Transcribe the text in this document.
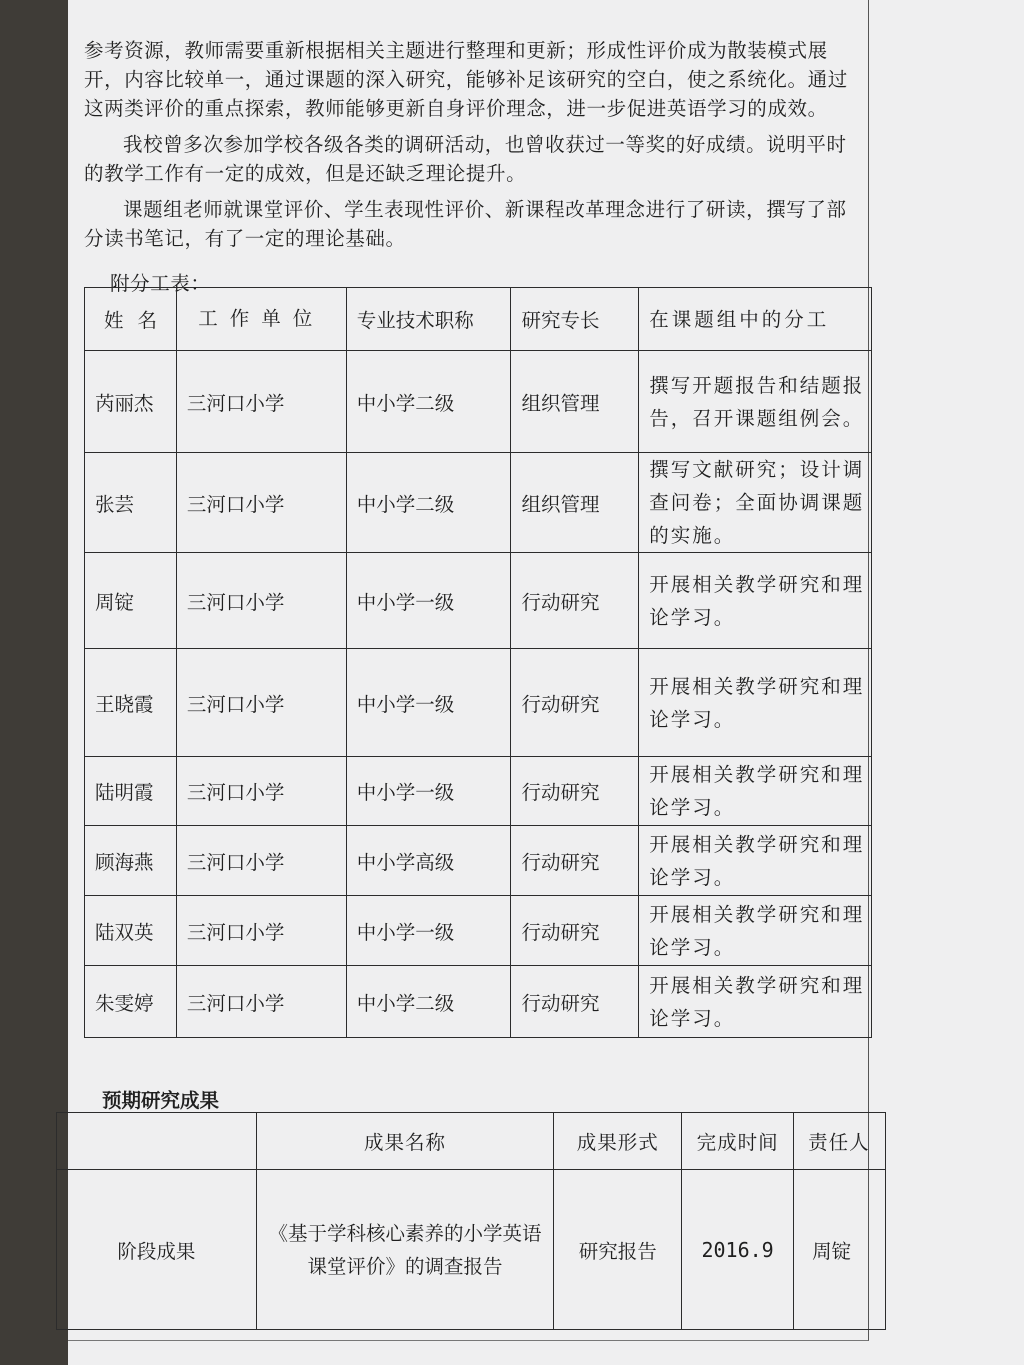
参考资源，教师需要重新根据相关主题进行整理和更新；形成性评价成为散装模式展开，内容比较单一，通过课题的深入研究，能够补足该研究的空白，使之系统化。通过这两类评价的重点探索，教师能够更新自身评价理念，进一步促进英语学习的成效。

我校曾多次参加学校各级各类的调研活动，也曾收获过一等奖的好成绩。说明平时的教学工作有一定的成效，但是还缺乏理论提升。

课题组老师就课堂评价、学生表现性评价、新课程改革理念进行了研读，撰写了部分读书笔记，有了一定的理论基础。

附分工表：
姓名	工作单位	专业技术职称	研究专长	在课题组中的分工
芮丽杰	三河口小学	中小学二级	组织管理	撰写开题报告和结题报告，召开课题组例会。
张芸	三河口小学	中小学二级	组织管理	撰写文献研究；设计调查问卷；全面协调课题的实施。
周锭	三河口小学	中小学一级	行动研究	开展相关教学研究和理论学习。
王晓霞	三河口小学	中小学一级	行动研究	开展相关教学研究和理论学习。
陆明霞	三河口小学	中小学一级	行动研究	开展相关教学研究和理论学习。
顾海燕	三河口小学	中小学高级	行动研究	开展相关教学研究和理论学习。
陆双英	三河口小学	中小学一级	行动研究	开展相关教学研究和理论学习。
朱雯婷	三河口小学	中小学二级	行动研究	开展相关教学研究和理论学习。
预期研究成果
	成果名称	成果形式	完成时间	责任人
阶段成果	《基于学科核心素养的小学英语课堂评价》的调查报告	研究报告	2016.9	周锭
